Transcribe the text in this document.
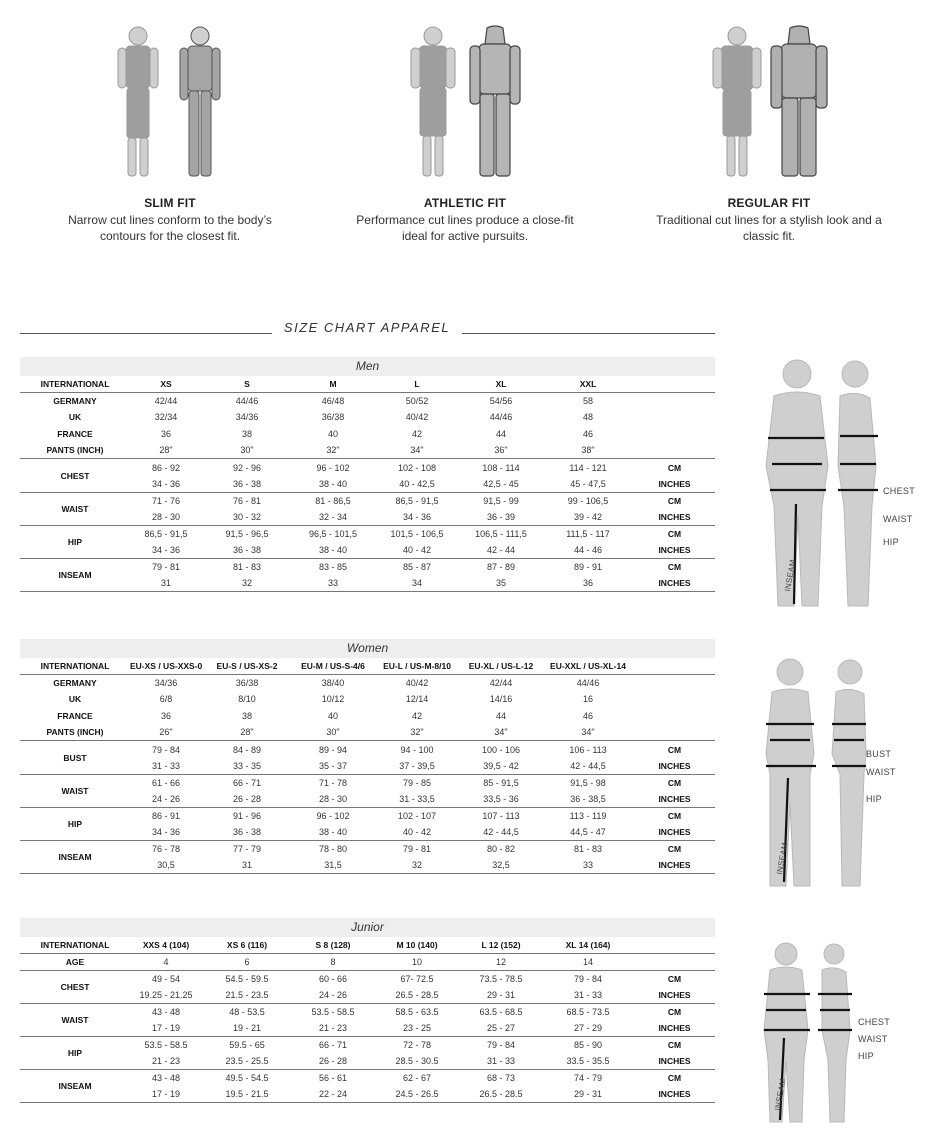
SLIM FIT
Narrow cut lines conform to the body’s
contours for the closest fit.
ATHLETIC FIT
Performance cut lines produce a close-fit
ideal for active pursuits.
REGULAR FIT
Traditional cut lines for a stylish look and a
classic fit.
SIZE CHART APPAREL
Men
INTERNATIONAL	XS	S	M	L	XL	XXL	
GERMANY	42/44	44/46	46/48	50/52	54/56	58	
UK	32/34	34/36	36/38	40/42	44/46	48	
FRANCE	36	38	40	42	44	46	
PANTS (INCH)	28"	30"	32"	34"	36"	38"	
CHEST	86 - 92	92 - 96	96 - 102	102 - 108	108 - 114	114 - 121	CM
	34 - 36	36 - 38	38 - 40	40 - 42,5	42,5 - 45	45 - 47,5	INCHES
WAIST	71 - 76	76 - 81	81 - 86,5	86,5 - 91,5	91,5 - 99	99 - 106,5	CM
	28 - 30	30 - 32	32 - 34	34 - 36	36 - 39	39 - 42	INCHES
HIP	86,5 - 91,5	91,5 - 96,5	96,5 - 101,5	101,5 - 106,5	106,5 - 111,5	111,5 - 117	CM
	34 - 36	36 - 38	38 - 40	40 - 42	42 - 44	44 - 46	INCHES
INSEAM	79 - 81	81 - 83	83 - 85	85 - 87	87 - 89	89 - 91	CM
	31	32	33	34	35	36	INCHES
Women
INTERNATIONAL	EU-XS / US-XXS-0	EU-S / US-XS-2	EU-M / US-S-4/6	EU-L / US-M-8/10	EU-XL / US-L-12	EU-XXL / US-XL-14	
GERMANY	34/36	36/38	38/40	40/42	42/44	44/46	
UK	6/8	8/10	10/12	12/14	14/16	16	
FRANCE	36	38	40	42	44	46	
PANTS (INCH)	26"	28"	30"	32"	34"	34"	
BUST	79 - 84	84 - 89	89 - 94	94 - 100	100 - 106	106 - 113	CM
	31 - 33	33 - 35	35 - 37	37 - 39,5	39,5 - 42	42 - 44,5	INCHES
WAIST	61 - 66	66 - 71	71 - 78	79 - 85	85 - 91,5	91,5 - 98	CM
	24 - 26	26 - 28	28 - 30	31 - 33,5	33,5 - 36	36 - 38,5	INCHES
HIP	86 - 91	91 - 96	96 - 102	102 - 107	107 - 113	113 - 119	CM
	34 - 36	36 - 38	38 - 40	40 - 42	42 - 44,5	44,5 - 47	INCHES
INSEAM	76 - 78	77 - 79	78 - 80	79 - 81	80 - 82	81 - 83	CM
	30,5	31	31,5	32	32,5	33	INCHES
Junior
INTERNATIONAL	XXS 4 (104)	XS 6 (116)	S 8 (128)	M 10 (140)	L 12 (152)	XL 14 (164)	
AGE	4	6	8	10	12	14	
CHEST	49 - 54	54.5 - 59.5	60 - 66	67- 72.5	73.5 - 78.5	79 - 84	CM
	19.25 - 21.25	21.5 - 23.5	24 - 26	26.5 - 28.5	29 - 31	31 - 33	INCHES
WAIST	43 - 48	48 - 53.5	53.5 - 58.5	58.5 - 63.5	63.5 - 68.5	68.5 - 73.5	CM
	17 - 19	19 - 21	21 - 23	23 - 25	25 - 27	27 - 29	INCHES
HIP	53.5 - 58.5	59.5 - 65	66 - 71	72 - 78	79 - 84	85 - 90	CM
	21 - 23	23.5 - 25.5	26 - 28	28.5 - 30.5	31 - 33	33.5 - 35.5	INCHES
INSEAM	43 - 48	49.5 - 54.5	56 - 61	62 - 67	68 - 73	74 - 79	CM
	17 - 19	19.5 - 21.5	22 - 24	24.5 - 26.5	26.5 - 28.5	29 - 31	INCHES
CHEST
WAIST
HIP
INSEAM
BUST
WAIST
HIP
INSEAM
CHEST
WAIST
HIP
INSEAM
